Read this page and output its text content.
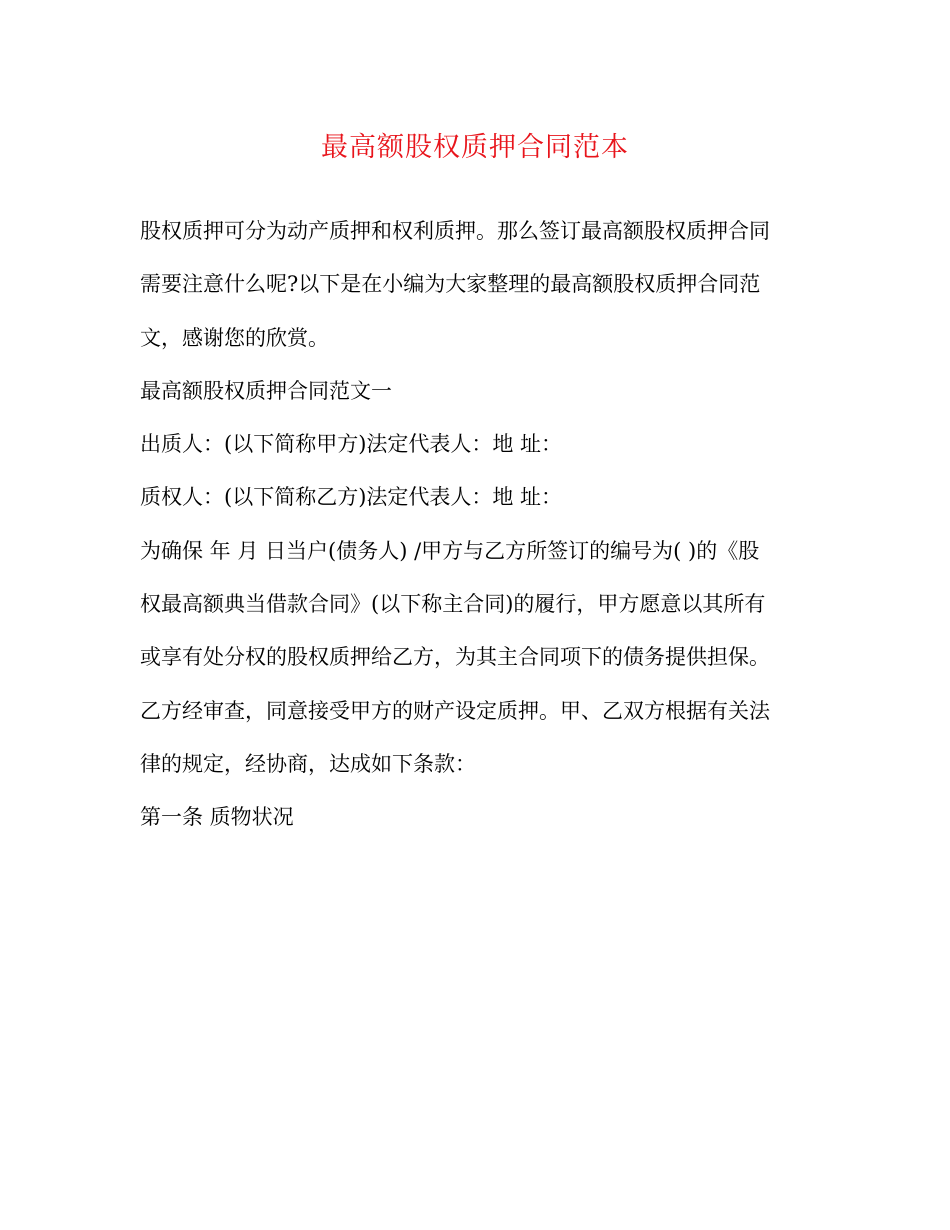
最高额股权质押合同范本
股权质押可分为动产质押和权利质押。那么签订最高额股权质押合同
需要注意什么呢?以下是在小编为大家整理的最高额股权质押合同范
文，感谢您的欣赏。
最高额股权质押合同范文一
出质人：(以下简称甲方)法定代表人：地 址：
质权人：(以下简称乙方)法定代表人：地 址：
为确保 年 月 日当户(债务人) /甲方与乙方所签订的编号为( )的《股
权最高额典当借款合同》(以下称主合同)的履行，甲方愿意以其所有
或享有处分权的股权质押给乙方，为其主合同项下的债务提供担保。
乙方经审查，同意接受甲方的财产设定质押。甲、乙双方根据有关法
律的规定，经协商，达成如下条款：
第一条 质物状况
